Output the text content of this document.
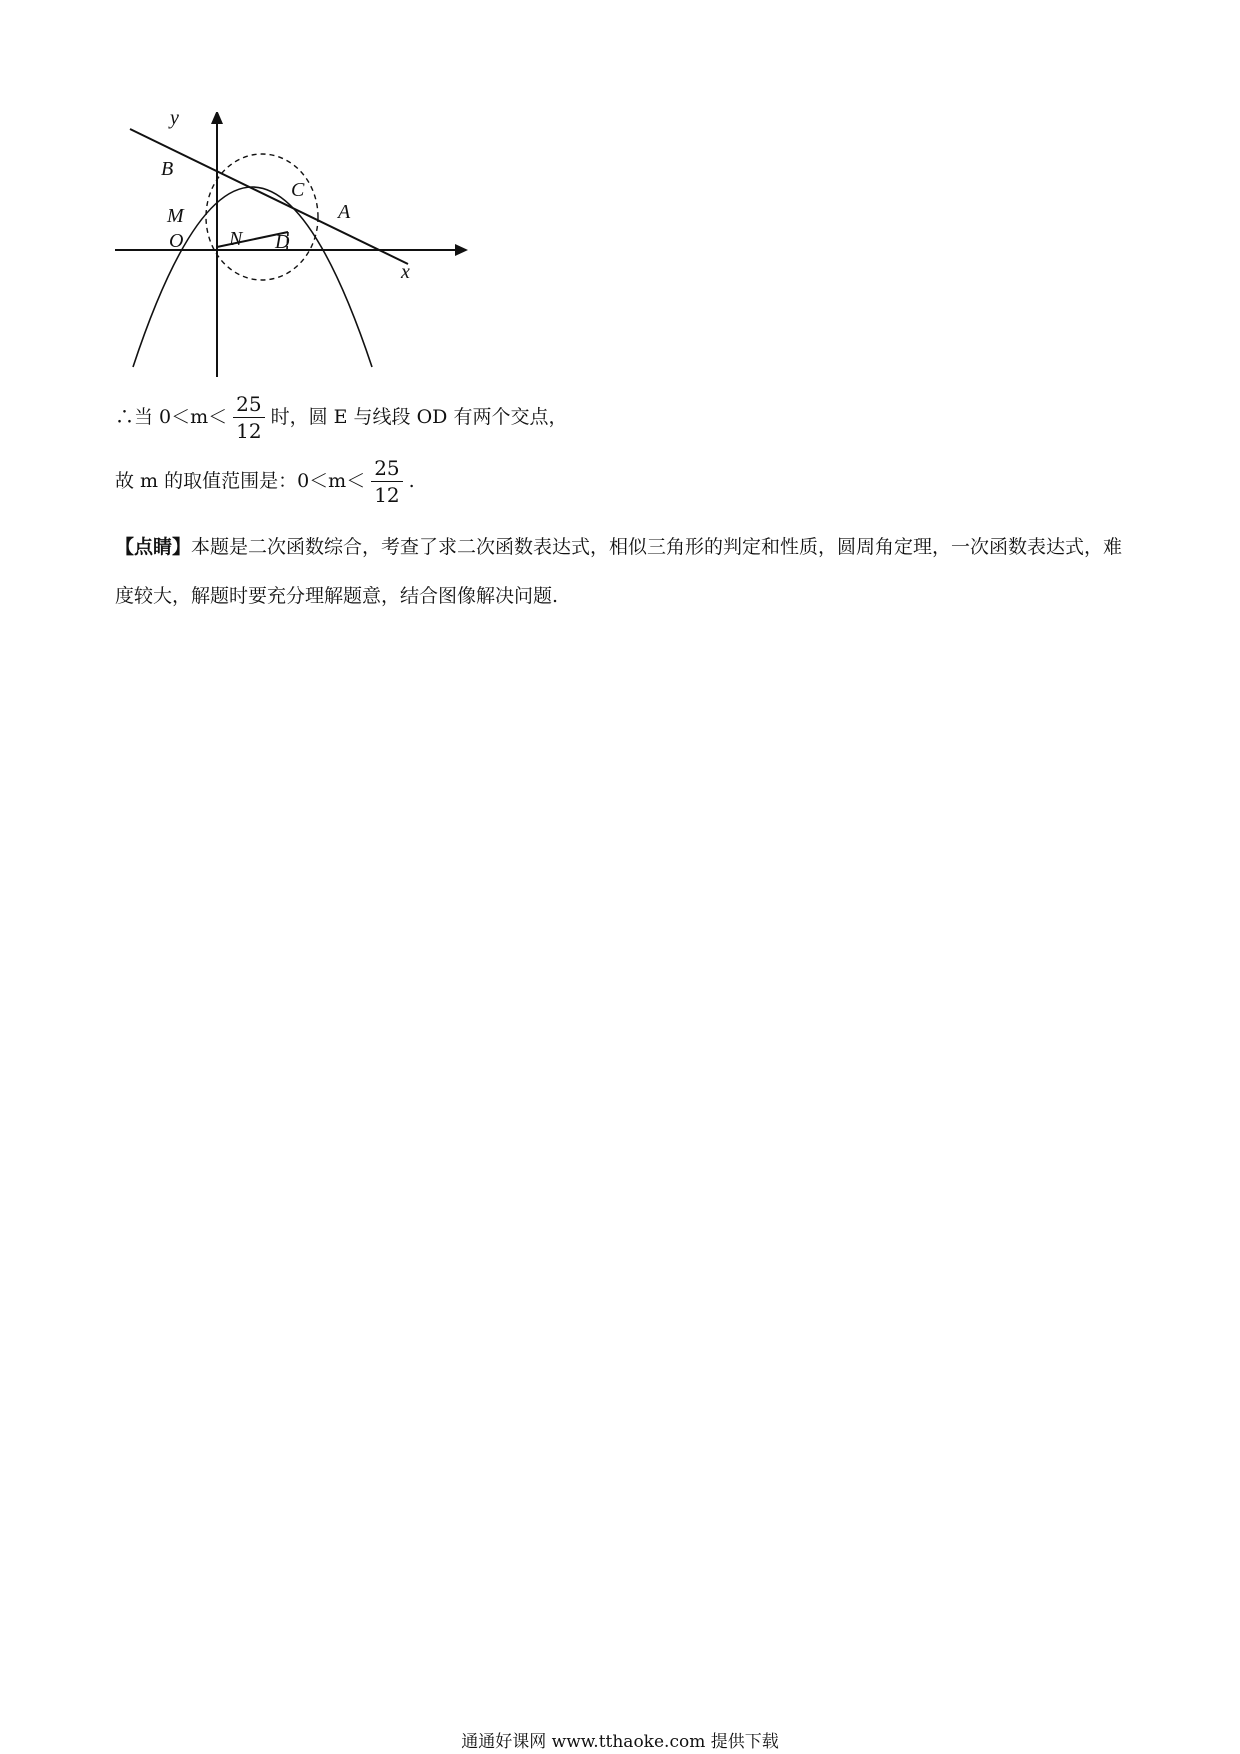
y
x
B
C
A
M
O N D
∴当 $0<m< \frac{25}{12}$ 时，圆 E 与线段 OD 有两个交点，
故 m 的取值范围是：$0<m< \frac{25}{12}$ .
【点睛】本题是二次函数综合，考查了求二次函数表达式，相似三角形的判定和性质，圆周角定理，一次函数表达式，难度较大，解题时要充分理解题意，结合图像解决问题.
通通好课网 www.tthaoke.com 提供下载
